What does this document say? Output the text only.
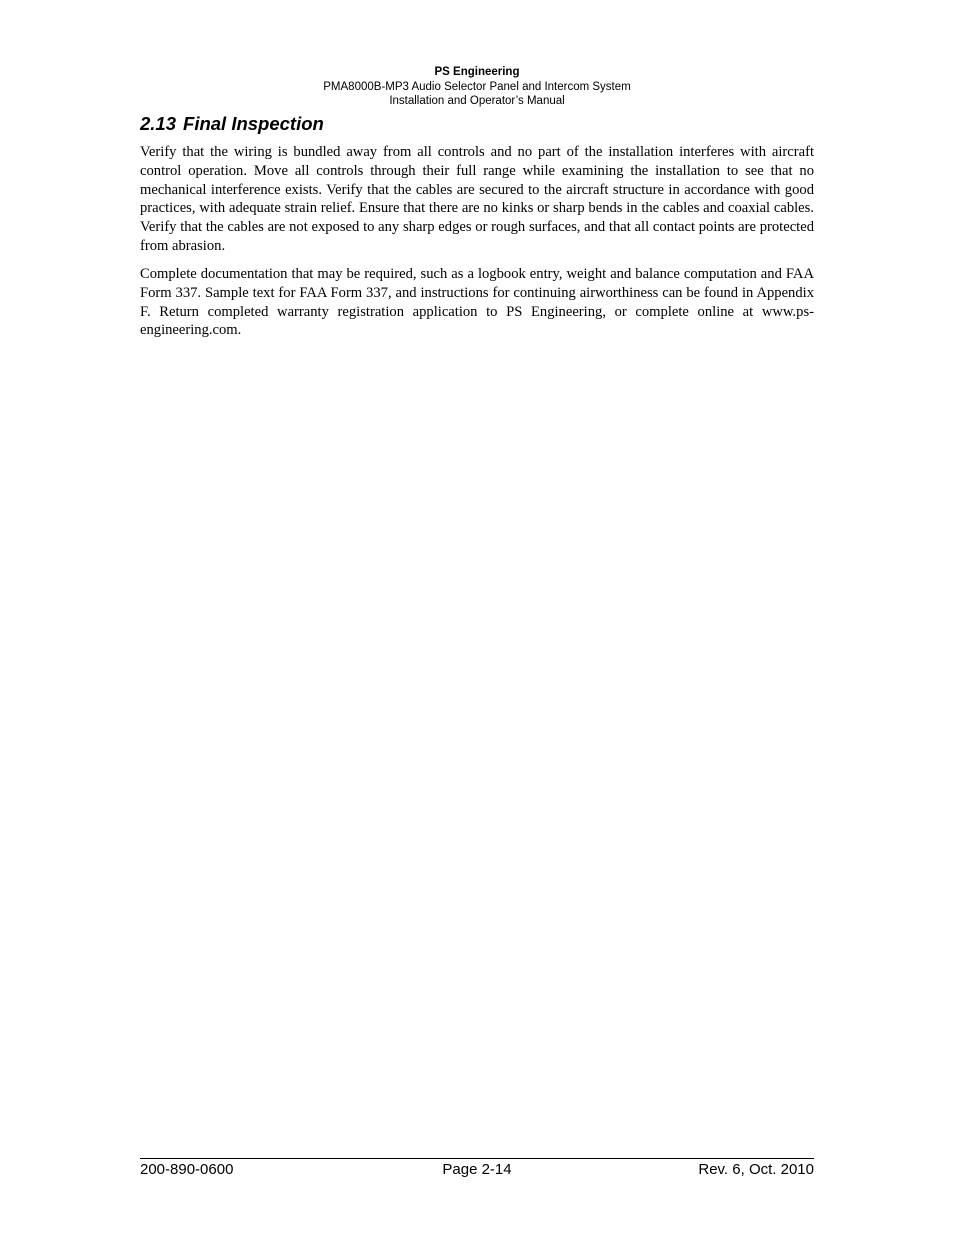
PS Engineering
PMA8000B-MP3 Audio Selector Panel and Intercom System
Installation and Operator’s Manual
2.13 Final Inspection

Verify that the wiring is bundled away from all controls and no part of the installation interferes with aircraft control operation. Move all controls through their full range while examining the installation to see that no mechanical interference exists. Verify that the cables are secured to the aircraft structure in accordance with good practices, with adequate strain relief. Ensure that there are no kinks or sharp bends in the cables and coaxial cables. Verify that the cables are not exposed to any sharp edges or rough surfaces, and that all contact points are protected from abrasion.

Complete documentation that may be required, such as a logbook entry, weight and balance computation and FAA Form 337. Sample text for FAA Form 337, and instructions for continuing airworthiness can be found in Appendix F. Return completed warranty registration application to PS Engineering, or complete online at www.ps-engineering.com.

200-890-0600	Page 2-14	Rev. 6, Oct. 2010
